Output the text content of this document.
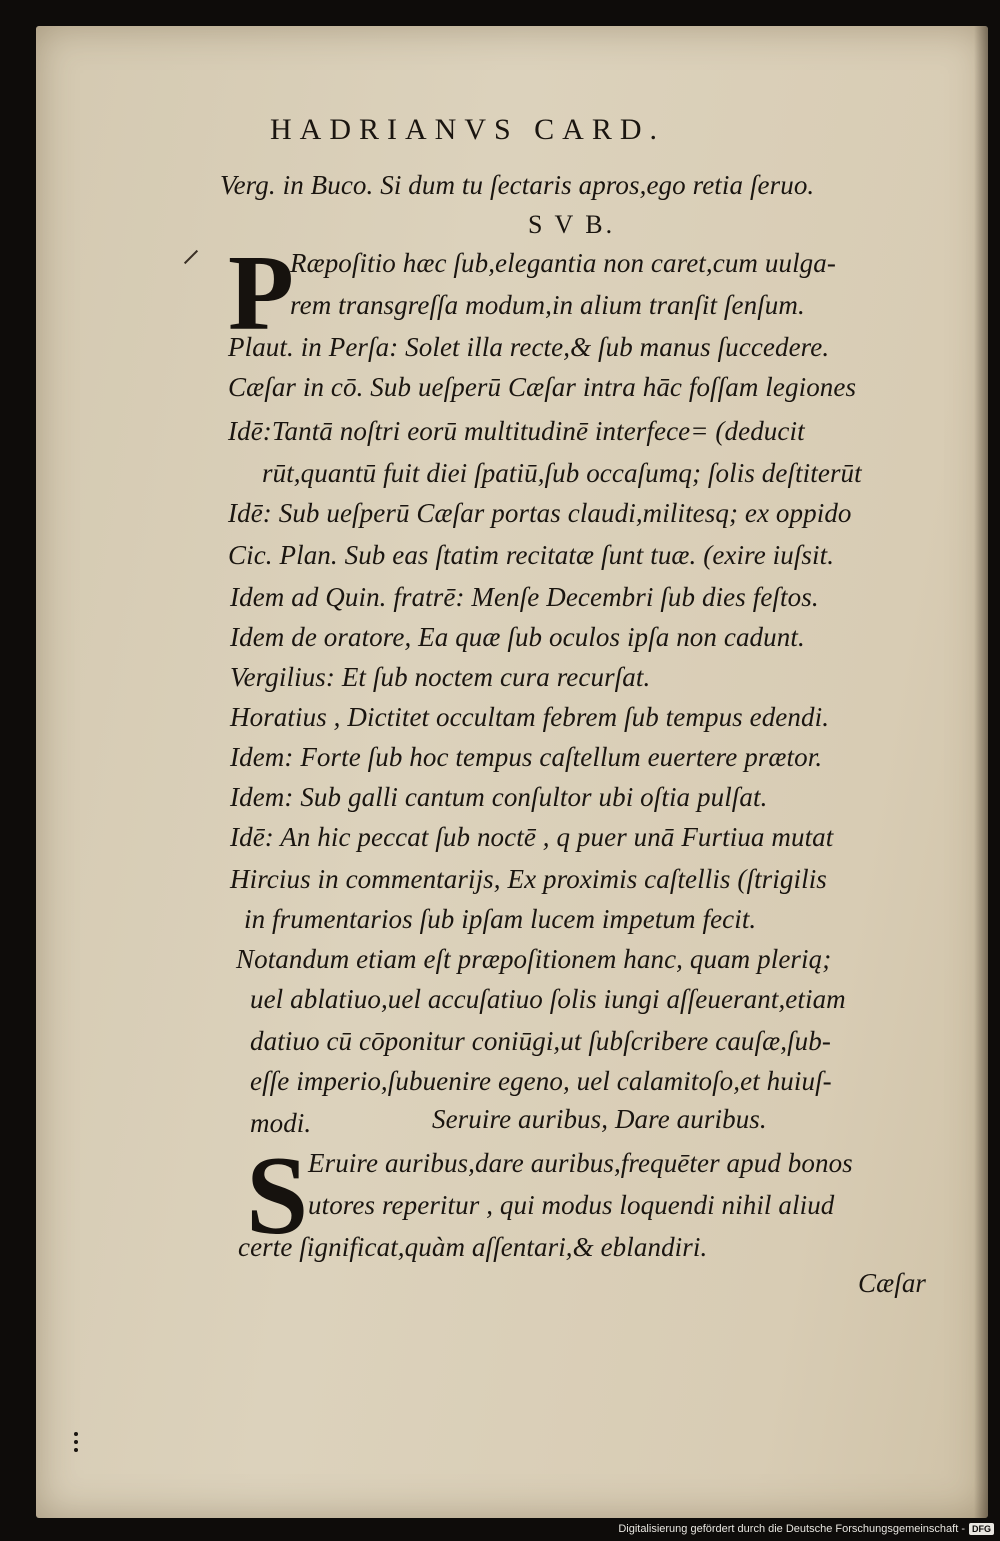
HADRIANVS CARD.
Verg. in Buco. Si dum tu ſectaris apros,ego retia ſeruo.
S V B.
P
Ræpoſitio hæc ſub,elegantia non caret,cum uulga-
rem transgreſſa modum,in alium tranſit ſenſum.
Plaut. in Perſa: Solet illa recte,& ſub manus ſuccedere.
Cæſar in cō. Sub ueſperū Cæſar intra hāc foſſam legiones
Idē:Tantā noſtri eorū multitudinē interfece= (deducit
rūt,quantū fuit diei ſpatiū,ſub occaſumq; ſolis deſtiterūt
Idē: Sub ueſperū Cæſar portas claudi,militesq; ex oppido
Cic. Plan. Sub eas ſtatim recitatæ ſunt tuæ. (exire iuſsit.
Idem ad Quin. fratrē: Menſe Decembri ſub dies feſtos.
Idem de oratore, Ea quæ ſub oculos ipſa non cadunt.
Vergilius: Et ſub noctem cura recurſat.
Horatius , Dictitet occultam febrem ſub tempus edendi.
Idem: Forte ſub hoc tempus caſtellum euertere prætor.
Idem: Sub galli cantum conſultor ubi oſtia pulſat.
Idē: An hic peccat ſub noctē , q puer unā Furtiua mutat
Hircius in commentarijs, Ex proximis caſtellis (ſtrigilis
in frumentarios ſub ipſam lucem impetum fecit.
Notandum etiam eſt præpoſitionem hanc, quam plerią;
uel ablatiuo,uel accuſatiuo ſolis iungi aſſeuerant,etiam
datiuo cū cōponitur coniūgi,ut ſubſcribere cauſæ,ſub-
eſſe imperio,ſubuenire egeno, uel calamitoſo,et huiuſ-
modi.	Seruire auribus, Dare auribus.
S Eruire auribus,dare auribus,frequēter apud bonos
utores reperitur , qui modus loquendi nihil aliud
certe ſignificat,quàm aſſentari,& eblandiri.
Cæſar
Digitalisierung gefördert durch die Deutsche Forschungsgemeinschaft - DFG
